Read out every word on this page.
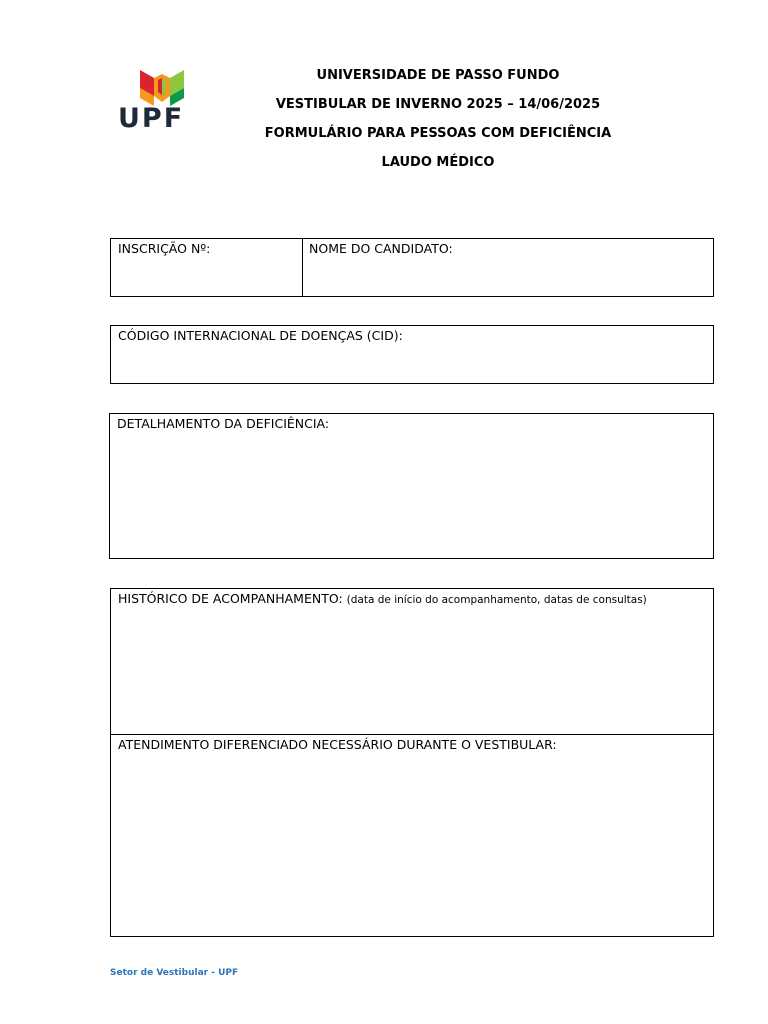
UPF
UNIVERSIDADE DE PASSO FUNDO
VESTIBULAR DE INVERNO 2025 – 14/06/2025
FORMULÁRIO PARA PESSOAS COM DEFICIÊNCIA
LAUDO MÉDICO
INSCRIÇÃO Nº:	NOME DO CANDIDATO:
CÓDIGO INTERNACIONAL DE DOENÇAS (CID):
DETALHAMENTO DA DEFICIÊNCIA:
HISTÓRICO DE ACOMPANHAMENTO: (data de início do acompanhamento, datas de consultas)
ATENDIMENTO DIFERENCIADO NECESSÁRIO DURANTE O VESTIBULAR:
Setor de Vestibular - UPF
